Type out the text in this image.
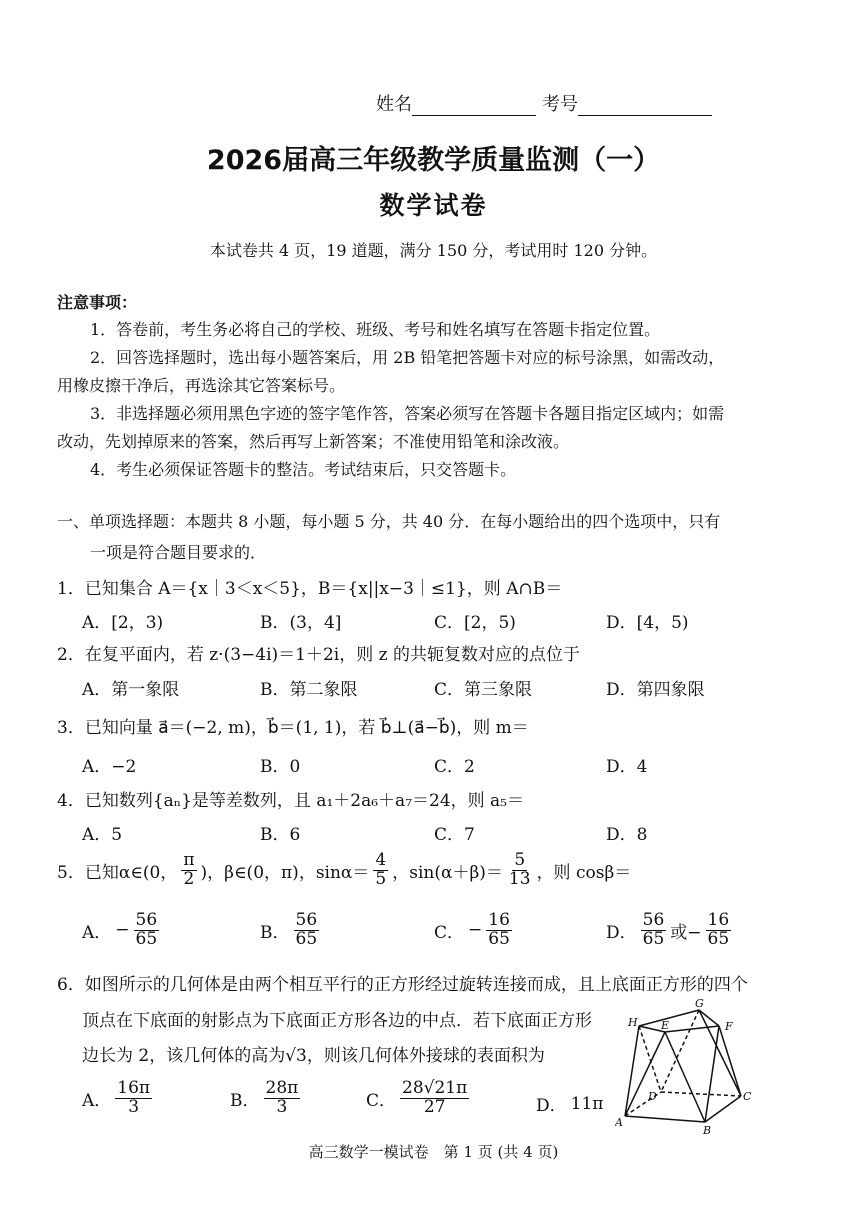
姓名	考号
2026届高三年级教学质量监测（一）
数学试卷
本试卷共 4 页，19 道题，满分 150 分，考试用时 120 分钟。
注意事项：
1．答卷前，考生务必将自己的学校、班级、考号和姓名填写在答题卡指定位置。
2．回答选择题时，选出每小题答案后，用 2B 铅笔把答题卡对应的标号涂黑，如需改动，
用橡皮擦干净后，再选涂其它答案标号。
3．非选择题必须用黑色字迹的签字笔作答，答案必须写在答题卡各题目指定区域内；如需
改动，先划掉原来的答案，然后再写上新答案；不准使用铅笔和涂改液。
4．考生必须保证答题卡的整洁。考试结束后，只交答题卡。
一、单项选择题：本题共 8 小题，每小题 5 分，共 40 分．在每小题给出的四个选项中，只有
一项是符合题目要求的．
1．已知集合 A＝{x｜3＜x＜5}，B＝{x||x−3｜≤1}，则 A∩B＝
A．[2，3)	B．(3，4]	C．[2，5)	D．[4，5)
2．在复平面内，若 z·(3−4i)＝1＋2i，则 z 的共轭复数对应的点位于
A．第一象限	B．第二象限	C．第三象限	D．第四象限
3．已知向量 a⃗＝(−2, m)，b⃗＝(1, 1)，若 b⃗⊥(a⃗−b⃗)，则 m＝
A．−2	B．0	C．2	D．4
4．已知数列{aₙ}是等差数列，且 a₁＋2a₆＋a₇＝24，则 a₅＝
A．5	B．6	C．7	D．8
5．已知α∈(0， $\frac{\pi}{2}$ )，β∈(0，π)，$\sin\alpha= \frac{4}{5}$ ，$\sin(\alpha+\beta)= \frac{5}{13}$ ，则 cosβ＝
A． − $\frac{56}{65}$	B． $\frac{56}{65}$	C． − $\frac{16}{65}$	D． $\frac{56}{65}$ 或− $\frac{16}{65}$
6．如图所示的几何体是由两个相互平行的正方形经过旋转连接而成，且上底面正方形的四个
顶点在下底面的射影点为下底面正方形各边的中点．若下底面正方形
边长为 2，该几何体的高为√3，则该几何体外接球的表面积为
A． $\frac{16\pi}{3}$	B． $\frac{28\pi}{3}$	C． $\frac{28√21\pi}{27}$	D． 11π
H
G
E	F
D	C
A
B
高三数学一模试卷　第 1 页 (共 4 页)
